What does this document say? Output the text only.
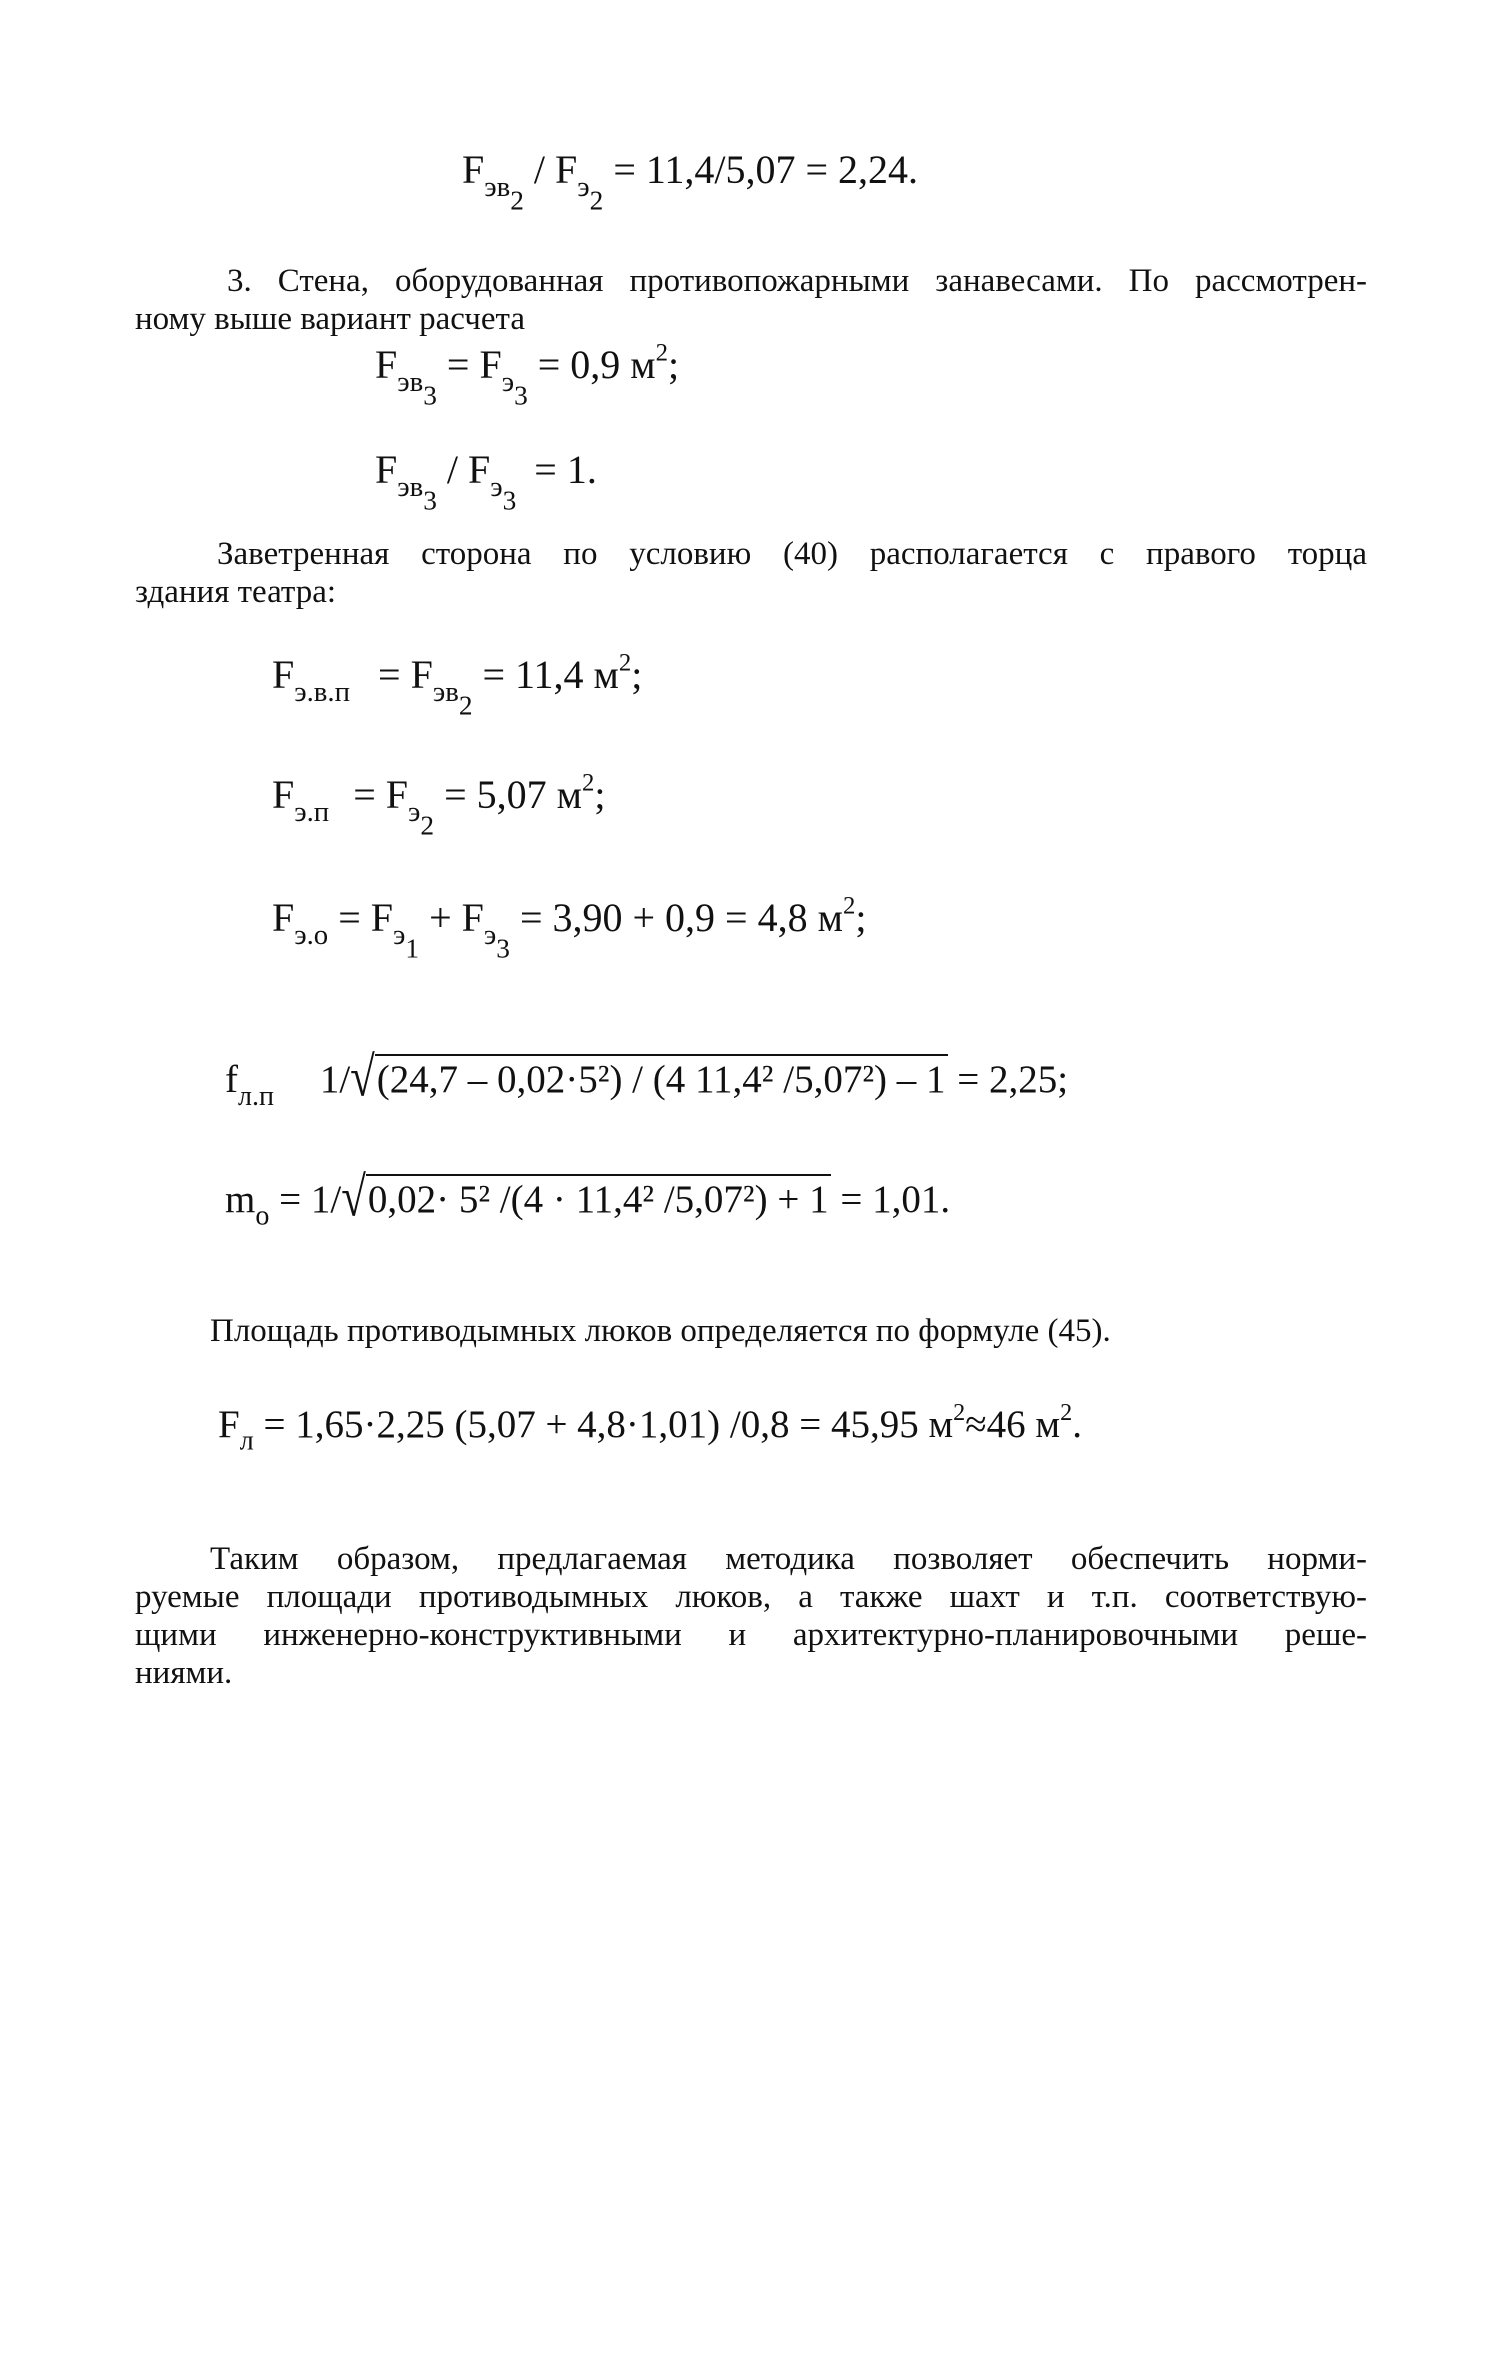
$F_{эв_2} / F_{э_2} = 11,4/5,07 = 2,24$.
3. Стена, оборудованная противопожарными занавесами. По рассмотрен-
ному выше вариант расчета
$F_{эв_3} = F_{э_3} = 0,9$ $м^2$;
$F_{эв_3} / F_{э_3} = 1$.
Заветренная сторона по условию (40) располагается с правого торца
здания театра:
$F_{э.в.п} = F_{эв_2} = 11,4$ $м^2$;
$F_{э.п} = F_{э_2} = 5,07$ $м^2$;
$F_{э.о} = F_{э_1} + F_{э_3} = 3,90 + 0,9 = 4,8$ $м^2$;
$f_{л.п}$ 1/√(24,7 – 0,02·5²) / (4 11,4² /5,07²) – 1 = 2,25;
$m_о = 1/√0,02\cdot 5^2$ /(4 · 11,4² /5,07²) + 1 = 1,01.
Площадь противодымных люков определяется по формуле (45).
$F_л = 1,65\cdot 2,25$ (5,07 + 4,8·1,01) /0,8 = 45,95 $м^2\approx 46$ $м^2$.
Таким образом, предлагаемая методика позволяет обеспечить норми-
руемые площади противодымных люков, а также шахт и т.п. соответствую-
щими инженерно-конструктивными и архитектурно-планировочными реше-
ниями.
